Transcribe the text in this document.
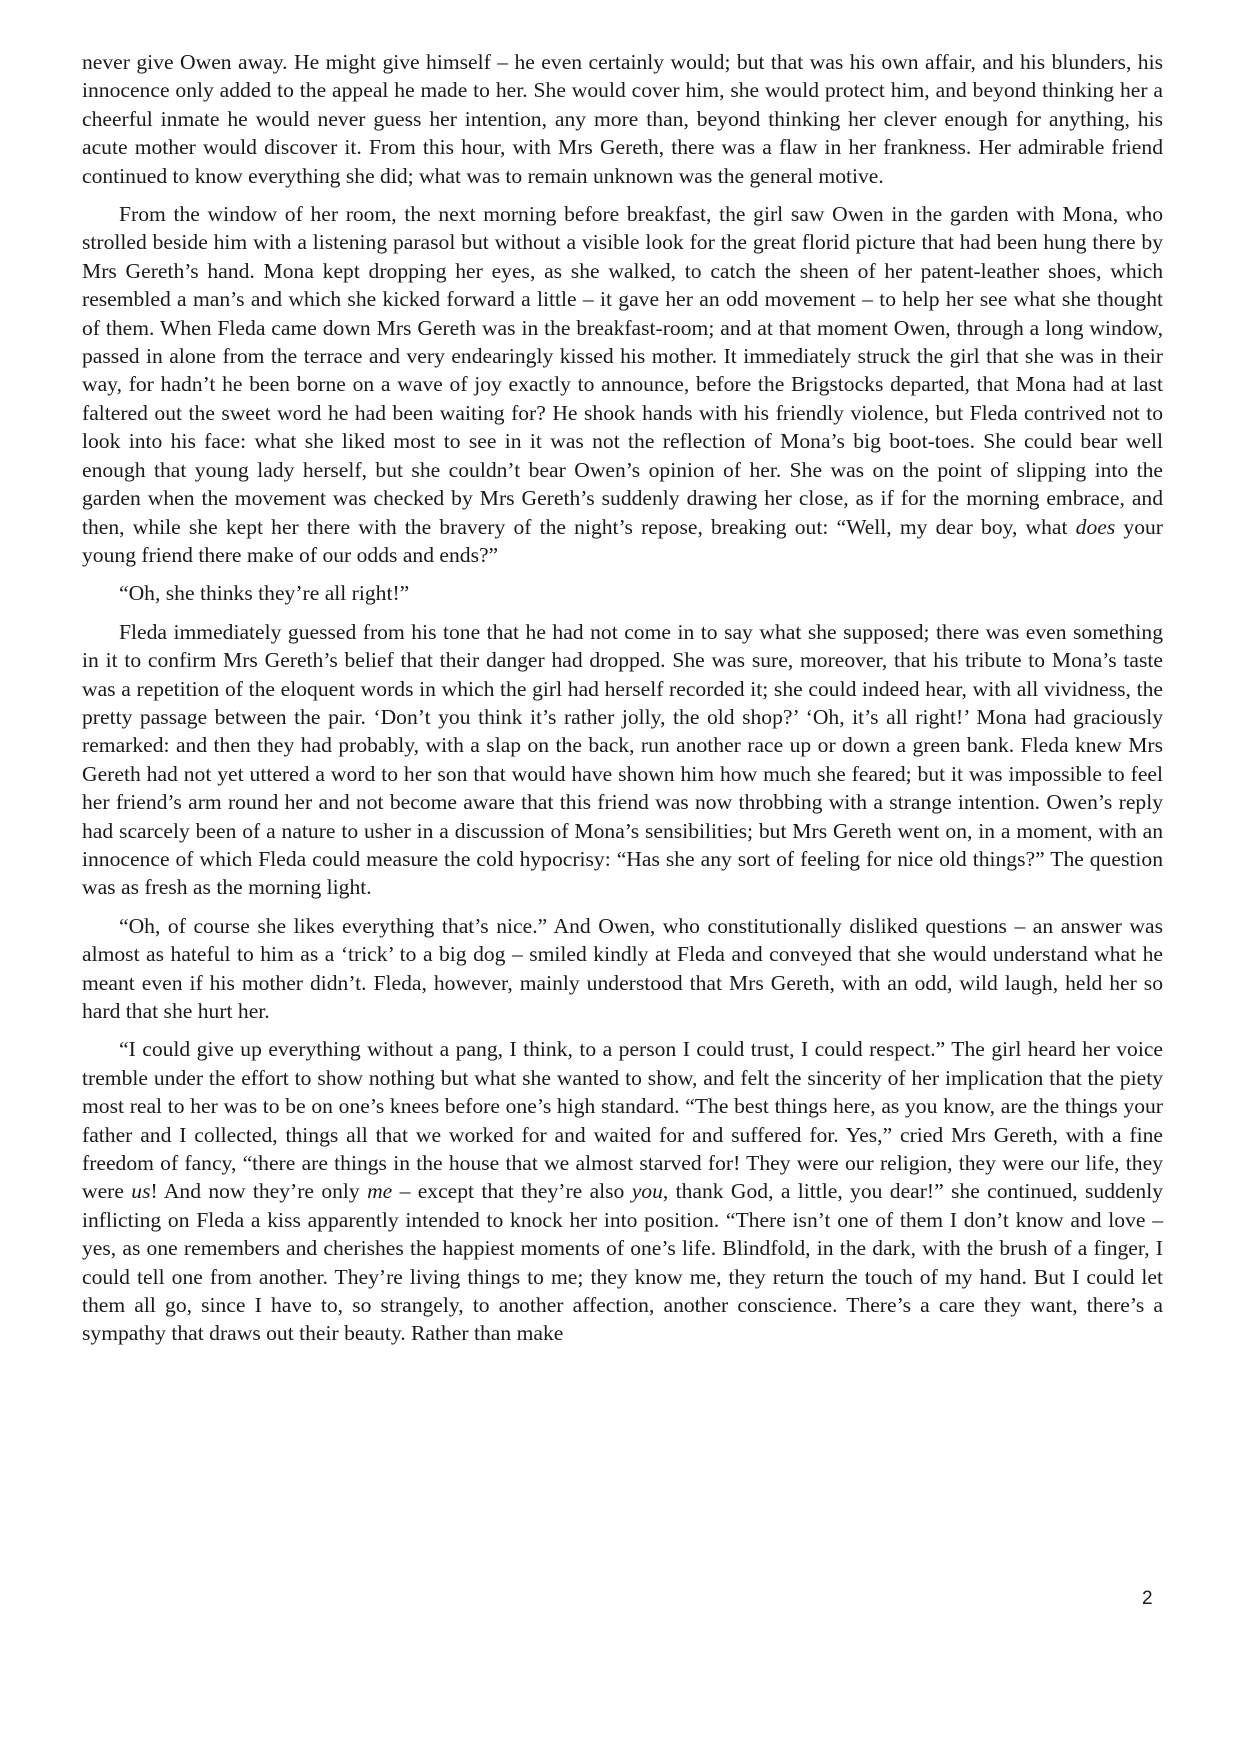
never give Owen away. He might give himself – he even certainly would; but that was his own affair, and his blunders, his innocence only added to the appeal he made to her. She would cover him, she would protect him, and beyond thinking her a cheerful inmate he would never guess her intention, any more than, beyond thinking her clever enough for anything, his acute mother would discover it. From this hour, with Mrs Gereth, there was a flaw in her frankness. Her admirable friend continued to know everything she did; what was to remain unknown was the general motive.

From the window of her room, the next morning before breakfast, the girl saw Owen in the garden with Mona, who strolled beside him with a listening parasol but without a visible look for the great florid picture that had been hung there by Mrs Gereth’s hand. Mona kept dropping her eyes, as she walked, to catch the sheen of her patent-leather shoes, which resembled a man’s and which she kicked forward a little – it gave her an odd movement – to help her see what she thought of them. When Fleda came down Mrs Gereth was in the breakfast-room; and at that moment Owen, through a long window, passed in alone from the terrace and very endearingly kissed his mother. It immediately struck the girl that she was in their way, for hadn’t he been borne on a wave of joy exactly to announce, before the Brigstocks departed, that Mona had at last faltered out the sweet word he had been waiting for? He shook hands with his friendly violence, but Fleda contrived not to look into his face: what she liked most to see in it was not the reflection of Mona’s big boot-toes. She could bear well enough that young lady herself, but she couldn’t bear Owen’s opinion of her. She was on the point of slipping into the garden when the movement was checked by Mrs Gereth’s suddenly drawing her close, as if for the morning embrace, and then, while she kept her there with the bravery of the night’s repose, breaking out: “Well, my dear boy, what does your young friend there make of our odds and ends?”

“Oh, she thinks they’re all right!”

Fleda immediately guessed from his tone that he had not come in to say what she supposed; there was even something in it to confirm Mrs Gereth’s belief that their danger had dropped. She was sure, moreover, that his tribute to Mona’s taste was a repetition of the eloquent words in which the girl had herself recorded it; she could indeed hear, with all vividness, the pretty passage between the pair. ‘Don’t you think it’s rather jolly, the old shop?’ ‘Oh, it’s all right!’ Mona had graciously remarked: and then they had probably, with a slap on the back, run another race up or down a green bank. Fleda knew Mrs Gereth had not yet uttered a word to her son that would have shown him how much she feared; but it was impossible to feel her friend’s arm round her and not become aware that this friend was now throbbing with a strange intention. Owen’s reply had scarcely been of a nature to usher in a discussion of Mona’s sensibilities; but Mrs Gereth went on, in a moment, with an innocence of which Fleda could measure the cold hypocrisy: “Has she any sort of feeling for nice old things?” The question was as fresh as the morning light.

“Oh, of course she likes everything that’s nice.” And Owen, who constitutionally disliked questions – an answer was almost as hateful to him as a ‘trick’ to a big dog – smiled kindly at Fleda and conveyed that she would understand what he meant even if his mother didn’t. Fleda, however, mainly understood that Mrs Gereth, with an odd, wild laugh, held her so hard that she hurt her.

“I could give up everything without a pang, I think, to a person I could trust, I could respect.” The girl heard her voice tremble under the effort to show nothing but what she wanted to show, and felt the sincerity of her implication that the piety most real to her was to be on one’s knees before one’s high standard. “The best things here, as you know, are the things your father and I collected, things all that we worked for and waited for and suffered for. Yes,” cried Mrs Gereth, with a fine freedom of fancy, “there are things in the house that we almost starved for! They were our religion, they were our life, they were us! And now they’re only me – except that they’re also you, thank God, a little, you dear!” she continued, suddenly inflicting on Fleda a kiss apparently intended to knock her into position. “There isn’t one of them I don’t know and love – yes, as one remembers and cherishes the happiest moments of one’s life. Blindfold, in the dark, with the brush of a finger, I could tell one from another. They’re living things to me; they know me, they return the touch of my hand. But I could let them all go, since I have to, so strangely, to another affection, another conscience. There’s a care they want, there’s a sympathy that draws out their beauty. Rather than make

2
